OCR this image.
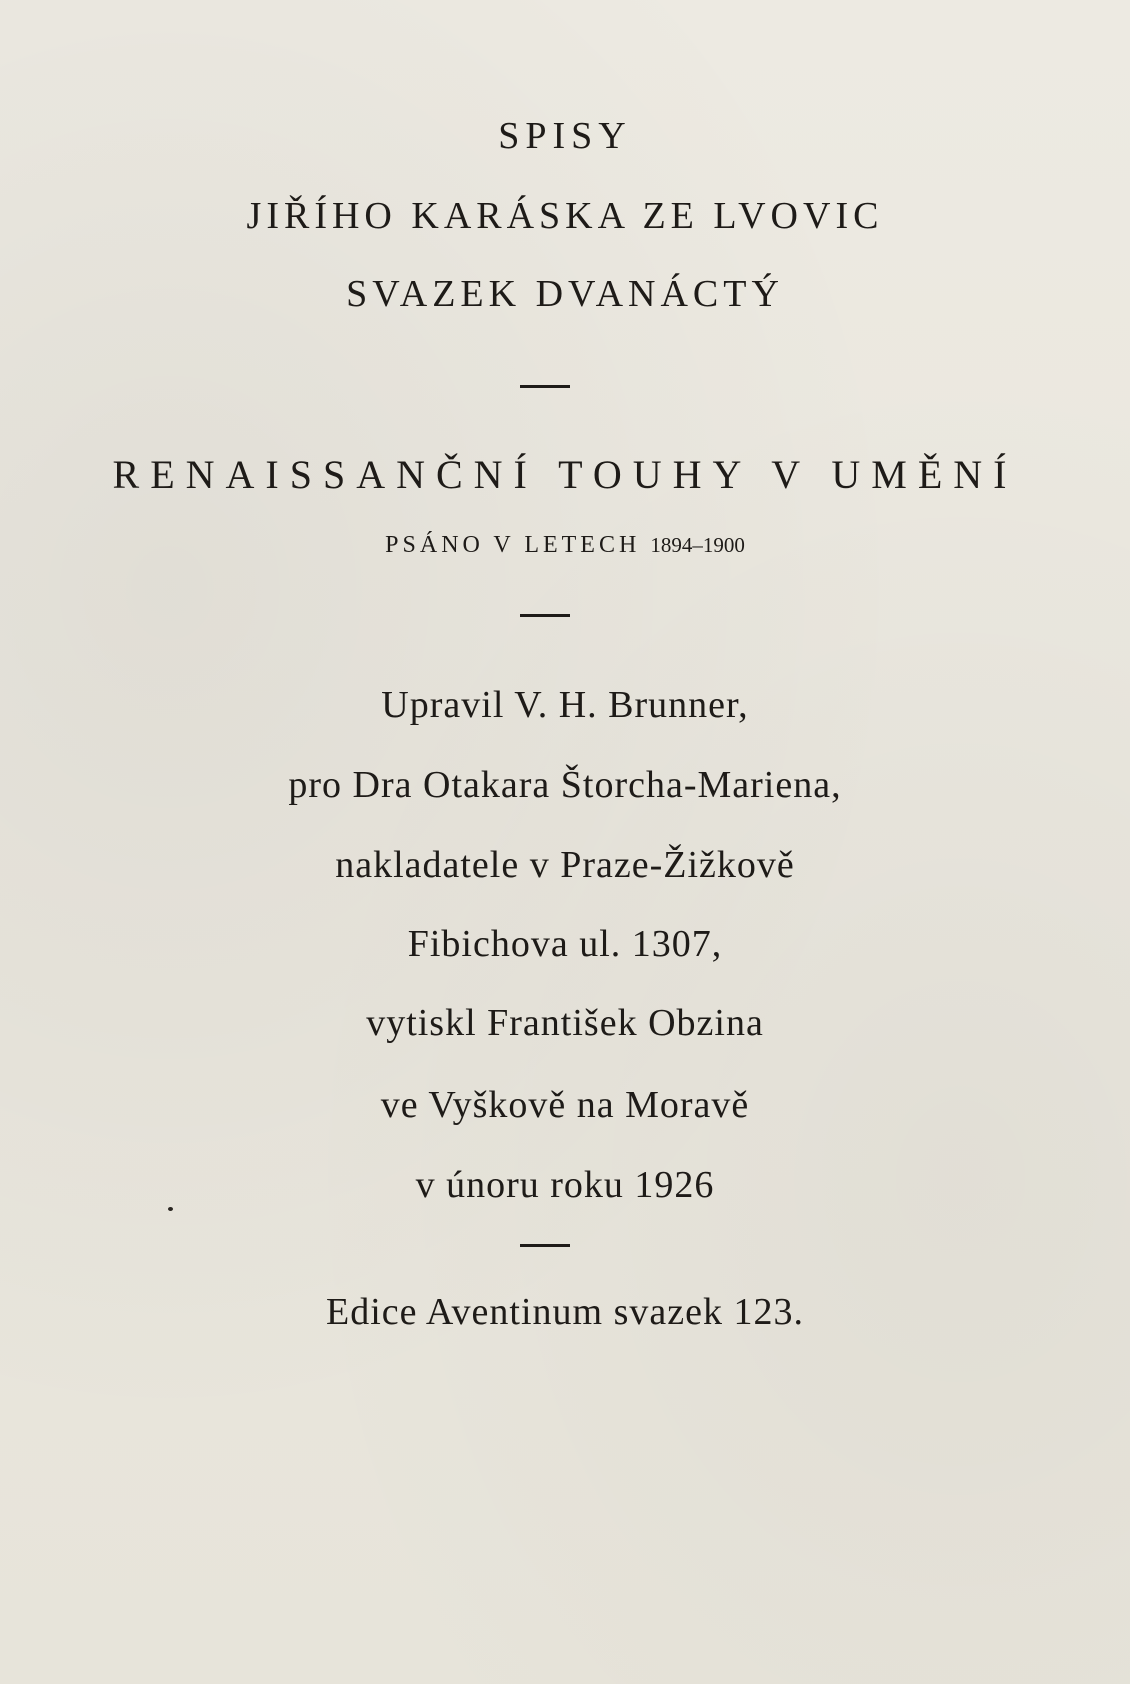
SPISY
JIŘÍHO KARÁSKA ZE LVOVIC
SVAZEK DVANÁCTÝ
RENAISSANČNÍ TOUHY V UMĚNÍ
PSÁNO V LETECH 1894–1900
Upravil V. H. Brunner,
pro Dra Otakara Štorcha-Mariena,
nakladatele v Praze-Žižkově
Fibichova ul. 1307,
vytiskl František Obzina
ve Vyškově na Moravě
v únoru roku 1926
Edice Aventinum svazek 123.
